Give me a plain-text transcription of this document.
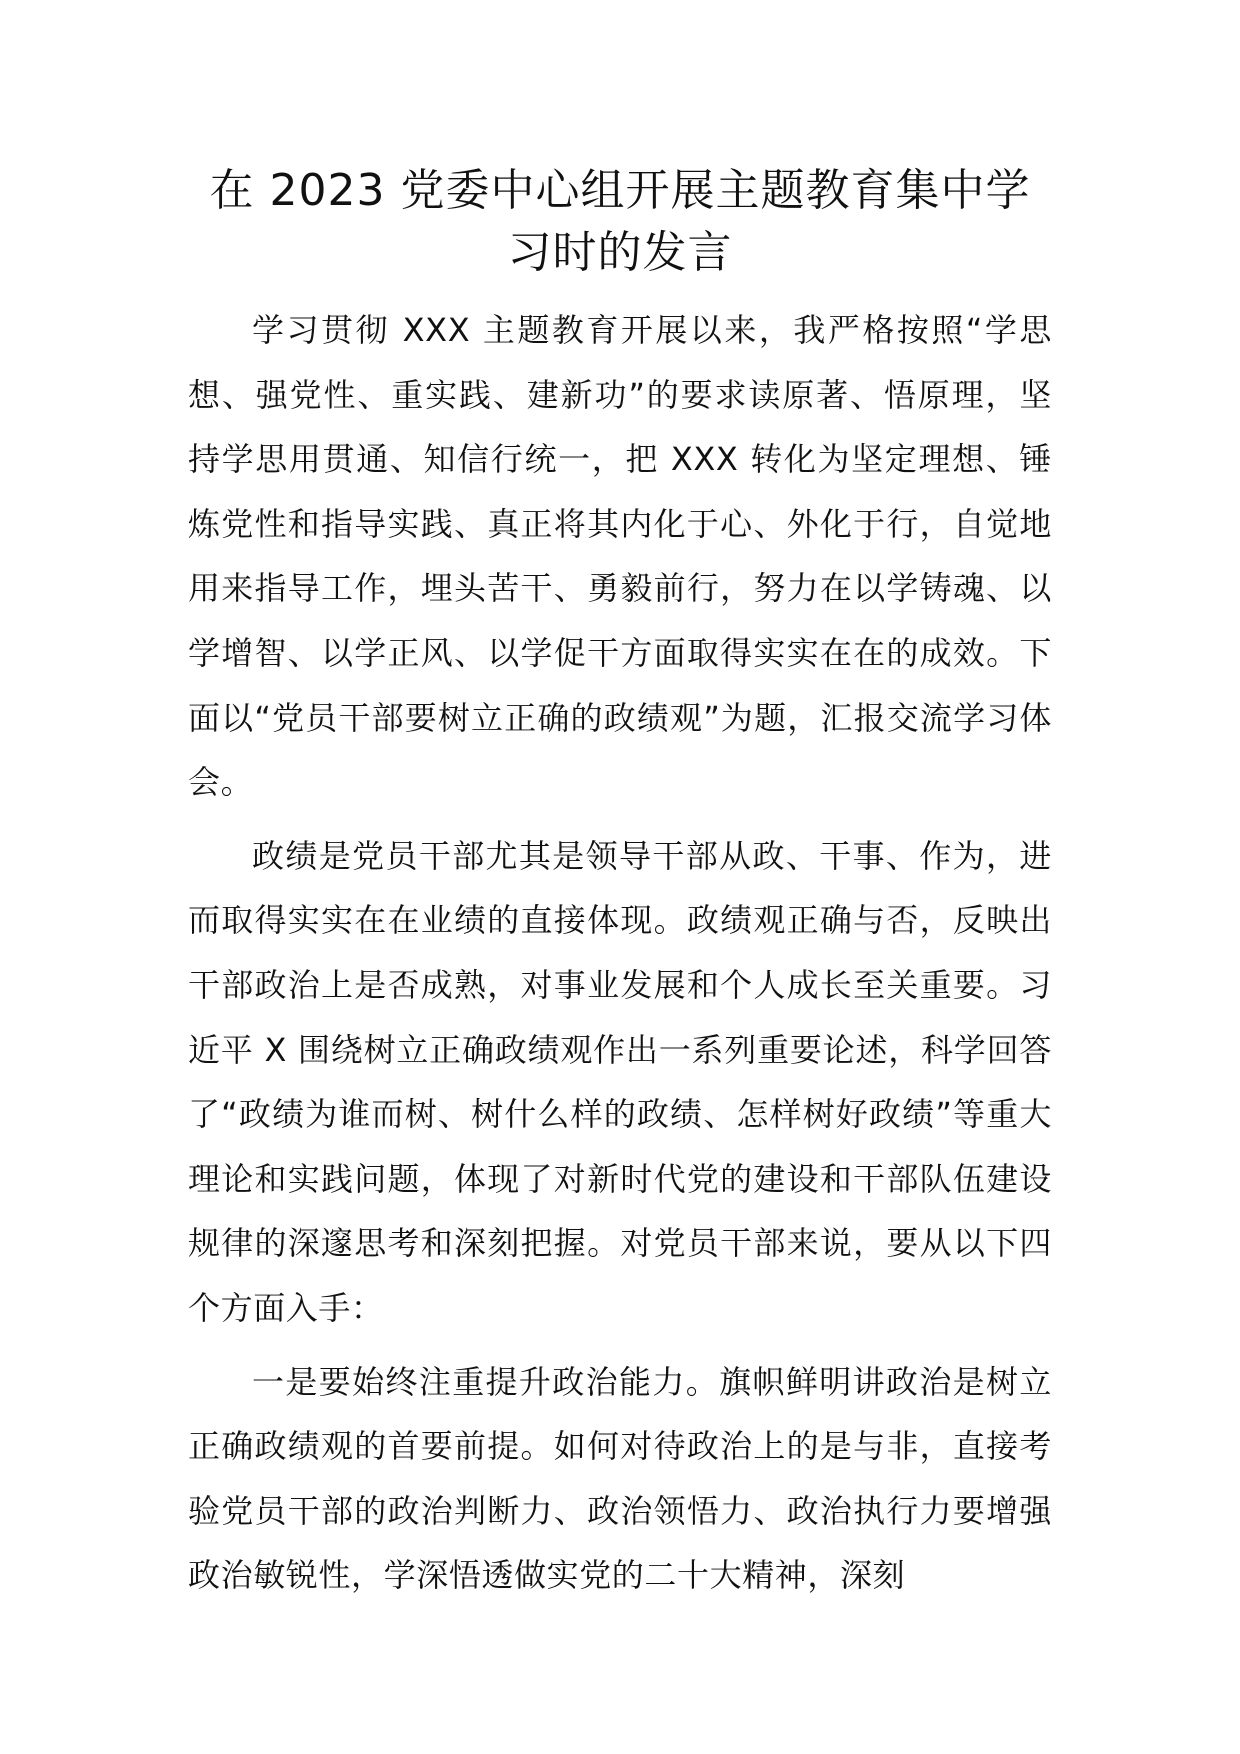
在 2023 党委中心组开展主题教育集中学习时的发言

学习贯彻 XXX 主题教育开展以来，我严格按照“学思想、强党性、重实践、建新功”的要求读原著、悟原理，坚持学思用贯通、知信行统一，把 XXX 转化为坚定理想、锤炼党性和指导实践、真正将其内化于心、外化于行，自觉地用来指导工作，埋头苦干、勇毅前行，努力在以学铸魂、以学增智、以学正风、以学促干方面取得实实在在的成效。下面以“党员干部要树立正确的政绩观”为题，汇报交流学习体会。

政绩是党员干部尤其是领导干部从政、干事、作为，进而取得实实在在业绩的直接体现。政绩观正确与否，反映出干部政治上是否成熟，对事业发展和个人成长至关重要。习近平 X 围绕树立正确政绩观作出一系列重要论述，科学回答了“政绩为谁而树、树什么样的政绩、怎样树好政绩”等重大理论和实践问题，体现了对新时代党的建设和干部队伍建设规律的深邃思考和深刻把握。对党员干部来说，要从以下四个方面入手：

一是要始终注重提升政治能力。旗帜鲜明讲政治是树立正确政绩观的首要前提。如何对待政治上的是与非，直接考验党员干部的政治判断力、政治领悟力、政治执行力要增强政治敏锐性，学深悟透做实党的二十大精神，深刻
